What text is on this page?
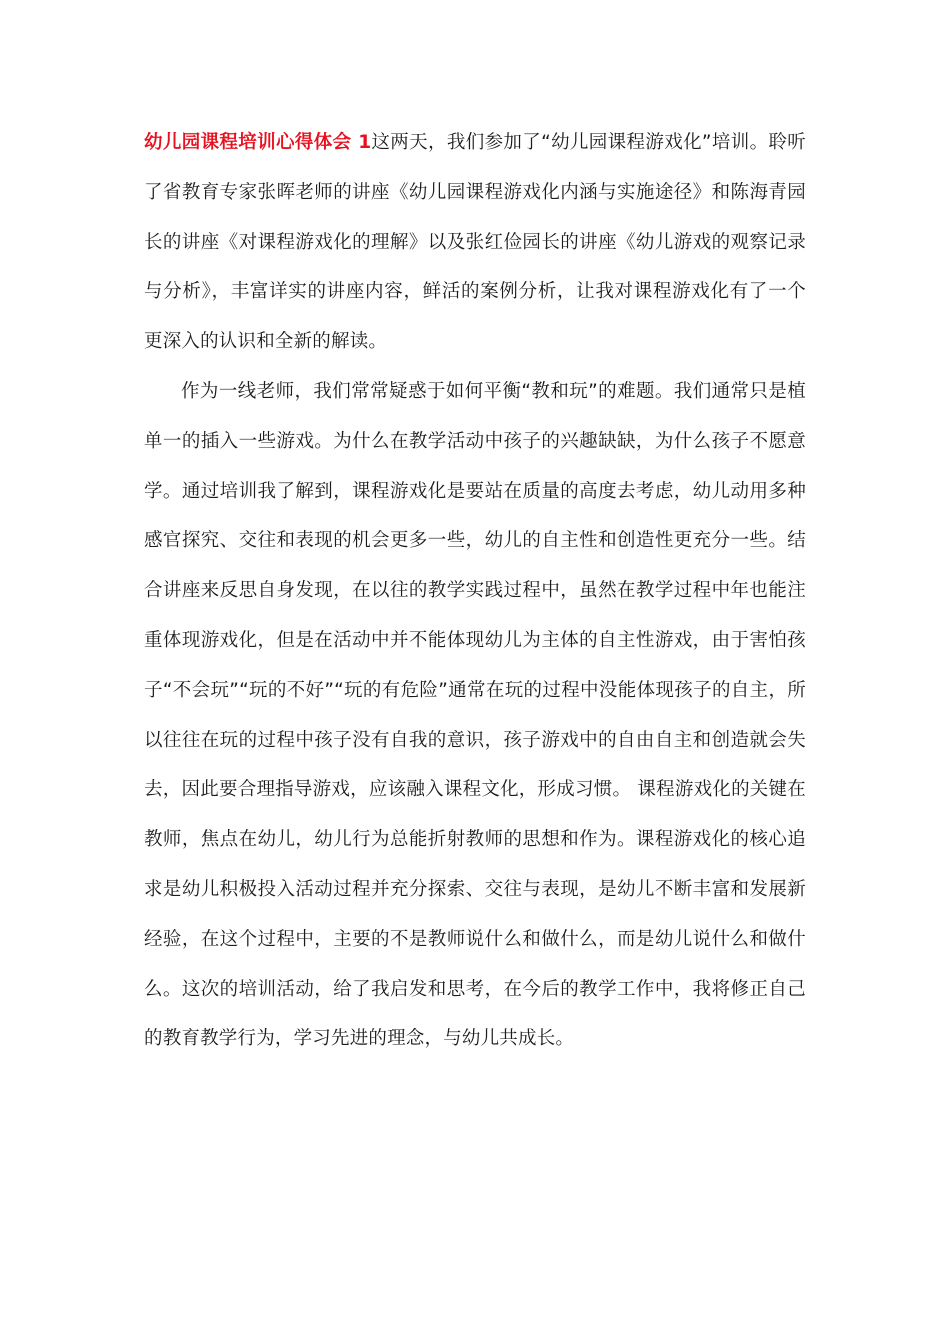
幼儿园课程培训心得体会 1这两天，我们参加了“幼儿园课程游戏化”培训。聆听了省教育专家张晖老师的讲座《幼儿园课程游戏化内涵与实施途径》和陈海青园长的讲座《对课程游戏化的理解》以及张红俭园长的讲座《幼儿游戏的观察记录与分析》，丰富详实的讲座内容，鲜活的案例分析，让我对课程游戏化有了一个更深入的认识和全新的解读。

作为一线老师，我们常常疑惑于如何平衡“教和玩”的难题。我们通常只是植单一的插入一些游戏。为什么在教学活动中孩子的兴趣缺缺，为什么孩子不愿意学。通过培训我了解到，课程游戏化是要站在质量的高度去考虑，幼儿动用多种感官探究、交往和表现的机会更多一些，幼儿的自主性和创造性更充分一些。结合讲座来反思自身发现，在以往的教学实践过程中，虽然在教学过程中年也能注重体现游戏化，但是在活动中并不能体现幼儿为主体的自主性游戏，由于害怕孩子“不会玩”“玩的不好”“玩的有危险”通常在玩的过程中没能体现孩子的自主，所以往往在玩的过程中孩子没有自我的意识，孩子游戏中的自由自主和创造就会失去，因此要合理指导游戏，应该融入课程文化，形成习惯。 课程游戏化的关键在教师，焦点在幼儿，幼儿行为总能折射教师的思想和作为。课程游戏化的核心追求是幼儿积极投入活动过程并充分探索、交往与表现，是幼儿不断丰富和发展新经验，在这个过程中，主要的不是教师说什么和做什么，而是幼儿说什么和做什么。这次的培训活动，给了我启发和思考，在今后的教学工作中，我将修正自己的教育教学行为，学习先进的理念，与幼儿共成长。
